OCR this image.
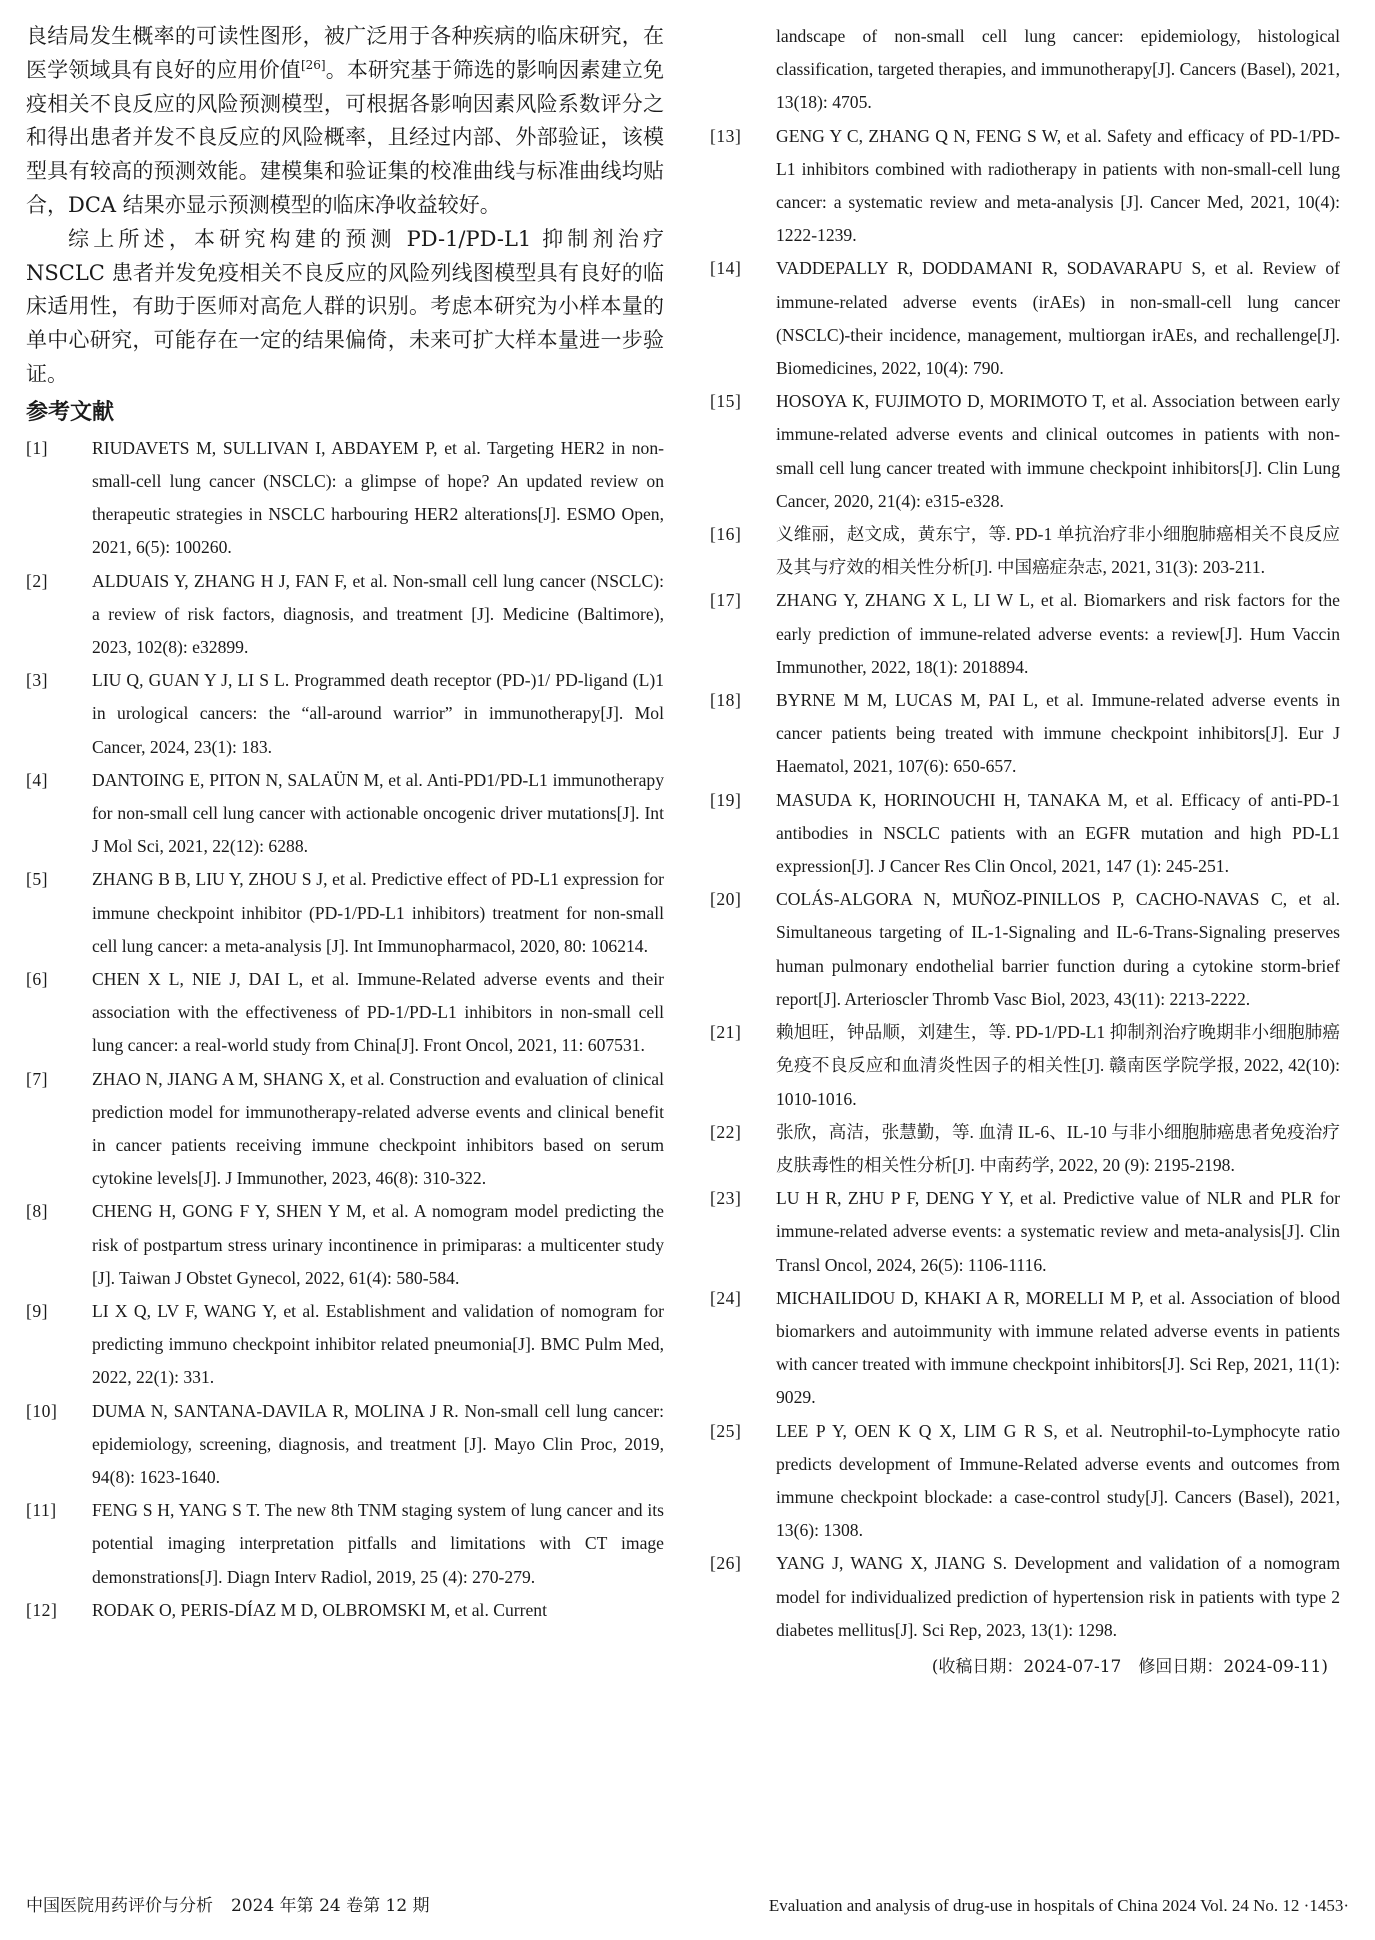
良结局发生概率的可读性图形，被广泛用于各种疾病的临床研究，在医学领域具有良好的应用价值[26]。本研究基于筛选的影响因素建立免疫相关不良反应的风险预测模型，可根据各影响因素风险系数评分之和得出患者并发不良反应的风险概率，且经过内部、外部验证，该模型具有较高的预测效能。建模集和验证集的校准曲线与标准曲线均贴合，DCA 结果亦显示预测模型的临床净收益较好。

综上所述，本研究构建的预测 PD-1/PD-L1 抑制剂治疗 NSCLC 患者并发免疫相关不良反应的风险列线图模型具有良好的临床适用性，有助于医师对高危人群的识别。考虑本研究为小样本量的单中心研究，可能存在一定的结果偏倚，未来可扩大样本量进一步验证。

参考文献
[1]	RIUDAVETS M, SULLIVAN I, ABDAYEM P, et al. Targeting HER2 in non-small-cell lung cancer (NSCLC): a glimpse of hope? An updated review on therapeutic strategies in NSCLC harbouring HER2 alterations[J]. ESMO Open, 2021, 6(5): 100260.
[2]	ALDUAIS Y, ZHANG H J, FAN F, et al. Non-small cell lung cancer (NSCLC): a review of risk factors, diagnosis, and treatment [J]. Medicine (Baltimore), 2023, 102(8): e32899.
[3]	LIU Q, GUAN Y J, LI S L. Programmed death receptor (PD-)1/ PD-ligand (L)1 in urological cancers: the “all-around warrior” in immunotherapy[J]. Mol Cancer, 2024, 23(1): 183.
[4]	DANTOING E, PITON N, SALAÜN M, et al. Anti-PD1/PD-L1 immunotherapy for non-small cell lung cancer with actionable oncogenic driver mutations[J]. Int J Mol Sci, 2021, 22(12): 6288.
[5]	ZHANG B B, LIU Y, ZHOU S J, et al. Predictive effect of PD-L1 expression for immune checkpoint inhibitor (PD-1/PD-L1 inhibitors) treatment for non-small cell lung cancer: a meta-analysis [J]. Int Immunopharmacol, 2020, 80: 106214.
[6]	CHEN X L, NIE J, DAI L, et al. Immune-Related adverse events and their association with the effectiveness of PD-1/PD-L1 inhibitors in non-small cell lung cancer: a real-world study from China[J]. Front Oncol, 2021, 11: 607531.
[7]	ZHAO N, JIANG A M, SHANG X, et al. Construction and evaluation of clinical prediction model for immunotherapy-related adverse events and clinical benefit in cancer patients receiving immune checkpoint inhibitors based on serum cytokine levels[J]. J Immunother, 2023, 46(8): 310-322.
[8]	CHENG H, GONG F Y, SHEN Y M, et al. A nomogram model predicting the risk of postpartum stress urinary incontinence in primiparas: a multicenter study [J]. Taiwan J Obstet Gynecol, 2022, 61(4): 580-584.
[9]	LI X Q, LV F, WANG Y, et al. Establishment and validation of nomogram for predicting immuno checkpoint inhibitor related pneumonia[J]. BMC Pulm Med, 2022, 22(1): 331.
[10]	DUMA N, SANTANA-DAVILA R, MOLINA J R. Non-small cell lung cancer: epidemiology, screening, diagnosis, and treatment [J]. Mayo Clin Proc, 2019, 94(8): 1623-1640.
[11]	FENG S H, YANG S T. The new 8th TNM staging system of lung cancer and its potential imaging interpretation pitfalls and limitations with CT image demonstrations[J]. Diagn Interv Radiol, 2019, 25 (4): 270-279.
[12]	RODAK O, PERIS-DÍAZ M D, OLBROMSKI M, et al. Current
landscape of non-small cell lung cancer: epidemiology, histological classification, targeted therapies, and immunotherapy[J]. Cancers (Basel), 2021, 13(18): 4705.
[13]	GENG Y C, ZHANG Q N, FENG S W, et al. Safety and efficacy of PD-1/PD-L1 inhibitors combined with radiotherapy in patients with non-small-cell lung cancer: a systematic review and meta-analysis [J]. Cancer Med, 2021, 10(4): 1222-1239.
[14]	VADDEPALLY R, DODDAMANI R, SODAVARAPU S, et al. Review of immune-related adverse events (irAEs) in non-small-cell lung cancer (NSCLC)-their incidence, management, multiorgan irAEs, and rechallenge[J]. Biomedicines, 2022, 10(4): 790.
[15]	HOSOYA K, FUJIMOTO D, MORIMOTO T, et al. Association between early immune-related adverse events and clinical outcomes in patients with non-small cell lung cancer treated with immune checkpoint inhibitors[J]. Clin Lung Cancer, 2020, 21(4): e315-e328.
[16]	义维丽，赵文成，黄东宁，等. PD-1 单抗治疗非小细胞肺癌相关不良反应及其与疗效的相关性分析[J]. 中国癌症杂志, 2021, 31(3): 203-211.
[17]	ZHANG Y, ZHANG X L, LI W L, et al. Biomarkers and risk factors for the early prediction of immune-related adverse events: a review[J]. Hum Vaccin Immunother, 2022, 18(1): 2018894.
[18]	BYRNE M M, LUCAS M, PAI L, et al. Immune-related adverse events in cancer patients being treated with immune checkpoint inhibitors[J]. Eur J Haematol, 2021, 107(6): 650-657.
[19]	MASUDA K, HORINOUCHI H, TANAKA M, et al. Efficacy of anti-PD-1 antibodies in NSCLC patients with an EGFR mutation and high PD-L1 expression[J]. J Cancer Res Clin Oncol, 2021, 147 (1): 245-251.
[20]	COLÁS-ALGORA N, MUÑOZ-PINILLOS P, CACHO-NAVAS C, et al. Simultaneous targeting of IL-1-Signaling and IL-6-Trans-Signaling preserves human pulmonary endothelial barrier function during a cytokine storm-brief report[J]. Arterioscler Thromb Vasc Biol, 2023, 43(11): 2213-2222.
[21]	赖旭旺，钟品顺，刘建生，等. PD-1/PD-L1 抑制剂治疗晚期非小细胞肺癌免疫不良反应和血清炎性因子的相关性[J]. 赣南医学院学报, 2022, 42(10): 1010-1016.
[22]	张欣，高洁，张慧勤，等. 血清 IL-6、IL-10 与非小细胞肺癌患者免疫治疗皮肤毒性的相关性分析[J]. 中南药学, 2022, 20 (9): 2195-2198.
[23]	LU H R, ZHU P F, DENG Y Y, et al. Predictive value of NLR and PLR for immune-related adverse events: a systematic review and meta-analysis[J]. Clin Transl Oncol, 2024, 26(5): 1106-1116.
[24]	MICHAILIDOU D, KHAKI A R, MORELLI M P, et al. Association of blood biomarkers and autoimmunity with immune related adverse events in patients with cancer treated with immune checkpoint inhibitors[J]. Sci Rep, 2021, 11(1): 9029.
[25]	LEE P Y, OEN K Q X, LIM G R S, et al. Neutrophil-to-Lymphocyte ratio predicts development of Immune-Related adverse events and outcomes from immune checkpoint blockade: a case-control study[J]. Cancers (Basel), 2021, 13(6): 1308.
[26]	YANG J, WANG X, JIANG S. Development and validation of a nomogram model for individualized prediction of hypertension risk in patients with type 2 diabetes mellitus[J]. Sci Rep, 2023, 13(1): 1298.
(收稿日期：2024-07-17　修回日期：2024-09-11)
中国医院用药评价与分析 2024 年第 24 卷第 12 期	Evaluation and analysis of drug-use in hospitals of China 2024 Vol. 24 No. 12 ·1453·
